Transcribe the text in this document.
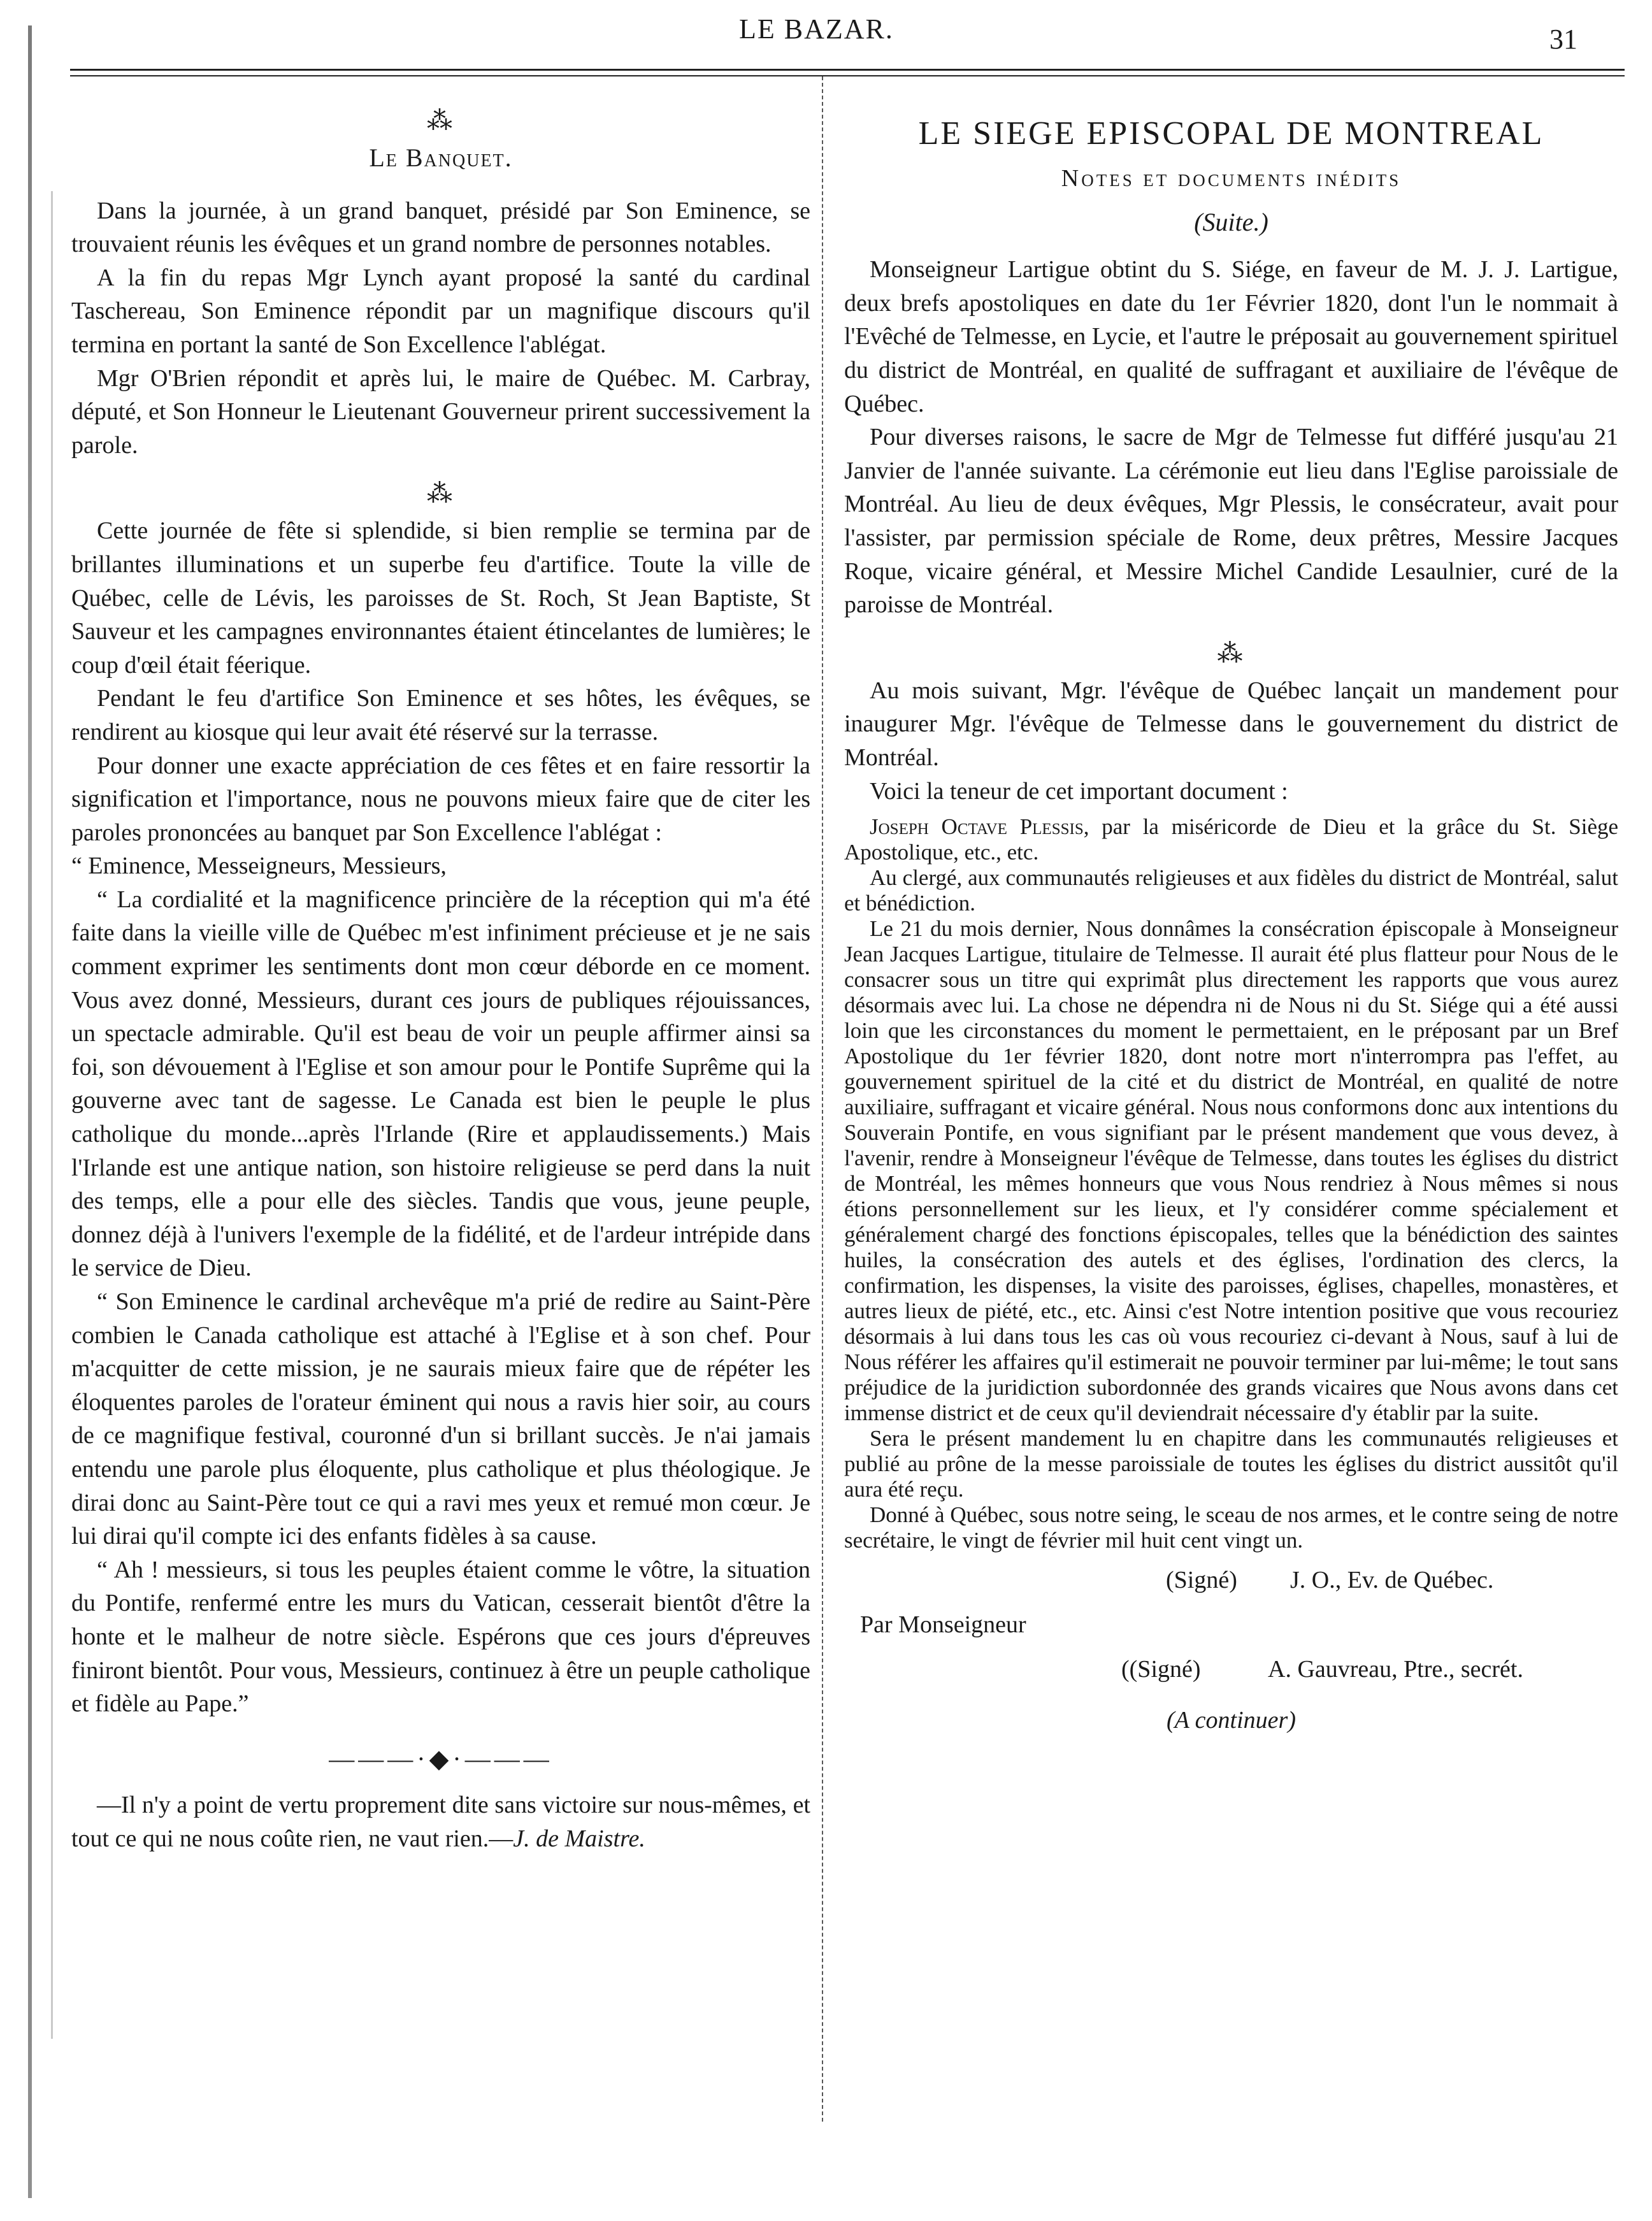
LE BAZAR.	31
⁂
Le Banquet.

Dans la journée, à un grand banquet, présidé par Son Eminence, se trouvaient réunis les évêques et un grand nombre de personnes notables.

A la fin du repas Mgr Lynch ayant proposé la santé du cardinal Taschereau, Son Eminence répondit par un magnifique discours qu'il termina en portant la santé de Son Excellence l'ablégat.

Mgr O'Brien répondit et après lui, le maire de Québec. M. Carbray, député, et Son Honneur le Lieutenant Gouverneur prirent successivement la parole.

⁂

Cette journée de fête si splendide, si bien remplie se termina par de brillantes illuminations et un superbe feu d'artifice. Toute la ville de Québec, celle de Lévis, les paroisses de St. Roch, St Jean Baptiste, St Sauveur et les campagnes environnantes étaient étincelantes de lumières; le coup d'œil était féerique.

Pendant le feu d'artifice Son Eminence et ses hôtes, les évêques, se rendirent au kiosque qui leur avait été réservé sur la terrasse.

Pour donner une exacte appréciation de ces fêtes et en faire ressortir la signification et l'importance, nous ne pouvons mieux faire que de citer les paroles prononcées au banquet par Son Excellence l'ablégat :

“ Eminence, Messeigneurs, Messieurs,

“ La cordialité et la magnificence princière de la réception qui m'a été faite dans la vieille ville de Québec m'est infiniment précieuse et je ne sais comment exprimer les sentiments dont mon cœur déborde en ce moment. Vous avez donné, Messieurs, durant ces jours de publiques réjouissances, un spectacle admirable. Qu'il est beau de voir un peuple affirmer ainsi sa foi, son dévouement à l'Eglise et son amour pour le Pontife Suprême qui la gouverne avec tant de sagesse. Le Canada est bien le peuple le plus catholique du monde...après l'Irlande (Rire et applaudissements.) Mais l'Irlande est une antique nation, son histoire religieuse se perd dans la nuit des temps, elle a pour elle des siècles. Tandis que vous, jeune peuple, donnez déjà à l'univers l'exemple de la fidélité, et de l'ardeur intrépide dans le service de Dieu.

“ Son Eminence le cardinal archevêque m'a prié de redire au Saint-Père combien le Canada catholique est attaché à l'Eglise et à son chef. Pour m'acquitter de cette mission, je ne saurais mieux faire que de répéter les éloquentes paroles de l'orateur éminent qui nous a ravis hier soir, au cours de ce magnifique festival, couronné d'un si brillant succès. Je n'ai jamais entendu une parole plus éloquente, plus catholique et plus théologique. Je dirai donc au Saint-Père tout ce qui a ravi mes yeux et remué mon cœur. Je lui dirai qu'il compte ici des enfants fidèles à sa cause.

“ Ah ! messieurs, si tous les peuples étaient comme le vôtre, la situation du Pontife, renfermé entre les murs du Vatican, cesserait bientôt d'être la honte et le malheur de notre siècle. Espérons que ces jours d'épreuves finiront bientôt. Pour vous, Messieurs, continuez à être un peuple catholique et fidèle au Pape.”

———·◆·———

—Il n'y a point de vertu proprement dite sans victoire sur nous-mêmes, et tout ce qui ne nous coûte rien, ne vaut rien.—J. de Maistre.

LE SIEGE EPISCOPAL DE MONTREAL
Notes et documents inédits
(Suite.)

Monseigneur Lartigue obtint du S. Siége, en faveur de M. J. J. Lartigue, deux brefs apostoliques en date du 1er Février 1820, dont l'un le nommait à l'Evêché de Telmesse, en Lycie, et l'autre le préposait au gouvernement spirituel du district de Montréal, en qualité de suffragant et auxiliaire de l'évêque de Québec.

Pour diverses raisons, le sacre de Mgr de Telmesse fut différé jusqu'au 21 Janvier de l'année suivante. La cérémonie eut lieu dans l'Eglise paroissiale de Montréal. Au lieu de deux évêques, Mgr Plessis, le consécrateur, avait pour l'assister, par permission spéciale de Rome, deux prêtres, Messire Jacques Roque, vicaire général, et Messire Michel Candide Lesaulnier, curé de la paroisse de Montréal.

⁂

Au mois suivant, Mgr. l'évêque de Québec lançait un mandement pour inaugurer Mgr. l'évêque de Telmesse dans le gouvernement du district de Montréal.

Voici la teneur de cet important document :

Joseph Octave Plessis, par la miséricorde de Dieu et la grâce du St. Siège Apostolique, etc., etc.

Au clergé, aux communautés religieuses et aux fidèles du district de Montréal, salut et bénédiction.

Le 21 du mois dernier, Nous donnâmes la consécration épiscopale à Monseigneur Jean Jacques Lartigue, titulaire de Telmesse. Il aurait été plus flatteur pour Nous de le consacrer sous un titre qui exprimât plus directement les rapports que vous aurez désormais avec lui. La chose ne dépendra ni de Nous ni du St. Siége qui a été aussi loin que les circonstances du moment le permettaient, en le préposant par un Bref Apostolique du 1er février 1820, dont notre mort n'interrompra pas l'effet, au gouvernement spirituel de la cité et du district de Montréal, en qualité de notre auxiliaire, suffragant et vicaire général. Nous nous conformons donc aux intentions du Souverain Pontife, en vous signifiant par le présent mandement que vous devez, à l'avenir, rendre à Monseigneur l'évêque de Telmesse, dans toutes les églises du district de Montréal, les mêmes honneurs que vous Nous rendriez à Nous mêmes si nous étions personnellement sur les lieux, et l'y considérer comme spécialement et généralement chargé des fonctions épiscopales, telles que la bénédiction des saintes huiles, la consécration des autels et des églises, l'ordination des clercs, la confirmation, les dispenses, la visite des paroisses, églises, chapelles, monastères, et autres lieux de piété, etc., etc. Ainsi c'est Notre intention positive que vous recouriez désormais à lui dans tous les cas où vous recouriez ci-devant à Nous, sauf à lui de Nous référer les affaires qu'il estimerait ne pouvoir terminer par lui-même; le tout sans préjudice de la juridiction subordonnée des grands vicaires que Nous avons dans cet immense district et de ceux qu'il deviendrait nécessaire d'y établir par la suite.

Sera le présent mandement lu en chapitre dans les communautés religieuses et publié au prône de la messe paroissiale de toutes les églises du district aussitôt qu'il aura été reçu.

Donné à Québec, sous notre seing, le sceau de nos armes, et le contre seing de notre secrétaire, le vingt de février mil huit cent vingt un.

(Signé) J. O., Ev. de Québec.
Par Monseigneur
((Signé)	A. Gauvreau, Ptre., secrét.
(A continuer)
